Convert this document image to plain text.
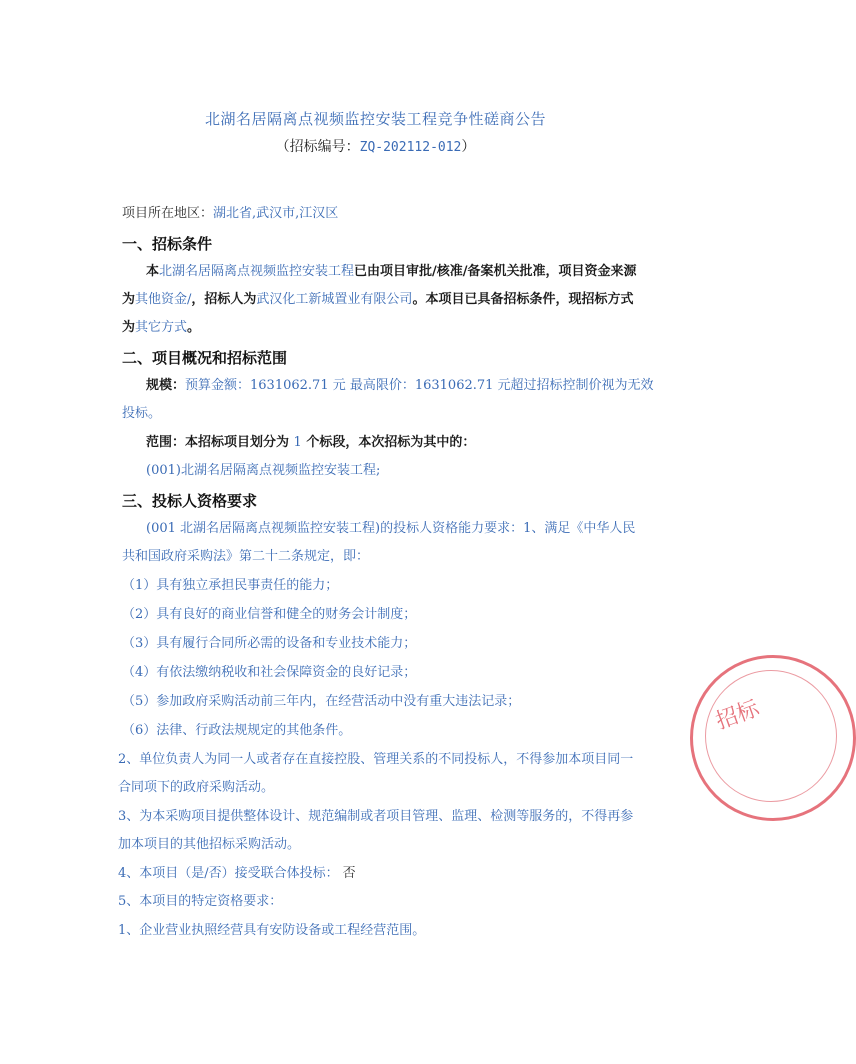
北湖名居隔离点视频监控安装工程竞争性磋商公告
（招标编号：ZQ-202112-012）
项目所在地区：湖北省,武汉市,江汉区
一、招标条件
本北湖名居隔离点视频监控安装工程已由项目审批/核准/备案机关批准，项目资金来源
为其他资金/，招标人为武汉化工新城置业有限公司。本项目已具备招标条件，现招标方式
为其它方式。
二、项目概况和招标范围
规模：预算金额：1631062.71 元 最高限价：1631062.71 元超过招标控制价视为无效
投标。
范围：本招标项目划分为 1 个标段，本次招标为其中的：
(001)北湖名居隔离点视频监控安装工程;
三、投标人资格要求
(001 北湖名居隔离点视频监控安装工程)的投标人资格能力要求：1、满足《中华人民
共和国政府采购法》第二十二条规定，即：
（1）具有独立承担民事责任的能力；
（2）具有良好的商业信誉和健全的财务会计制度；
（3）具有履行合同所必需的设备和专业技术能力；
（4）有依法缴纳税收和社会保障资金的良好记录；
（5）参加政府采购活动前三年内，在经营活动中没有重大违法记录；
（6）法律、行政法规规定的其他条件。
2、单位负责人为同一人或者存在直接控股、管理关系的不同投标人，不得参加本项目同一
合同项下的政府采购活动。
3、为本采购项目提供整体设计、规范编制或者项目管理、监理、检测等服务的，不得再参
加本项目的其他招标采购活动。
4、本项目（是/否）接受联合体投标： 否
5、本项目的特定资格要求：
1、企业营业执照经营具有安防设备或工程经营范围。
招标
